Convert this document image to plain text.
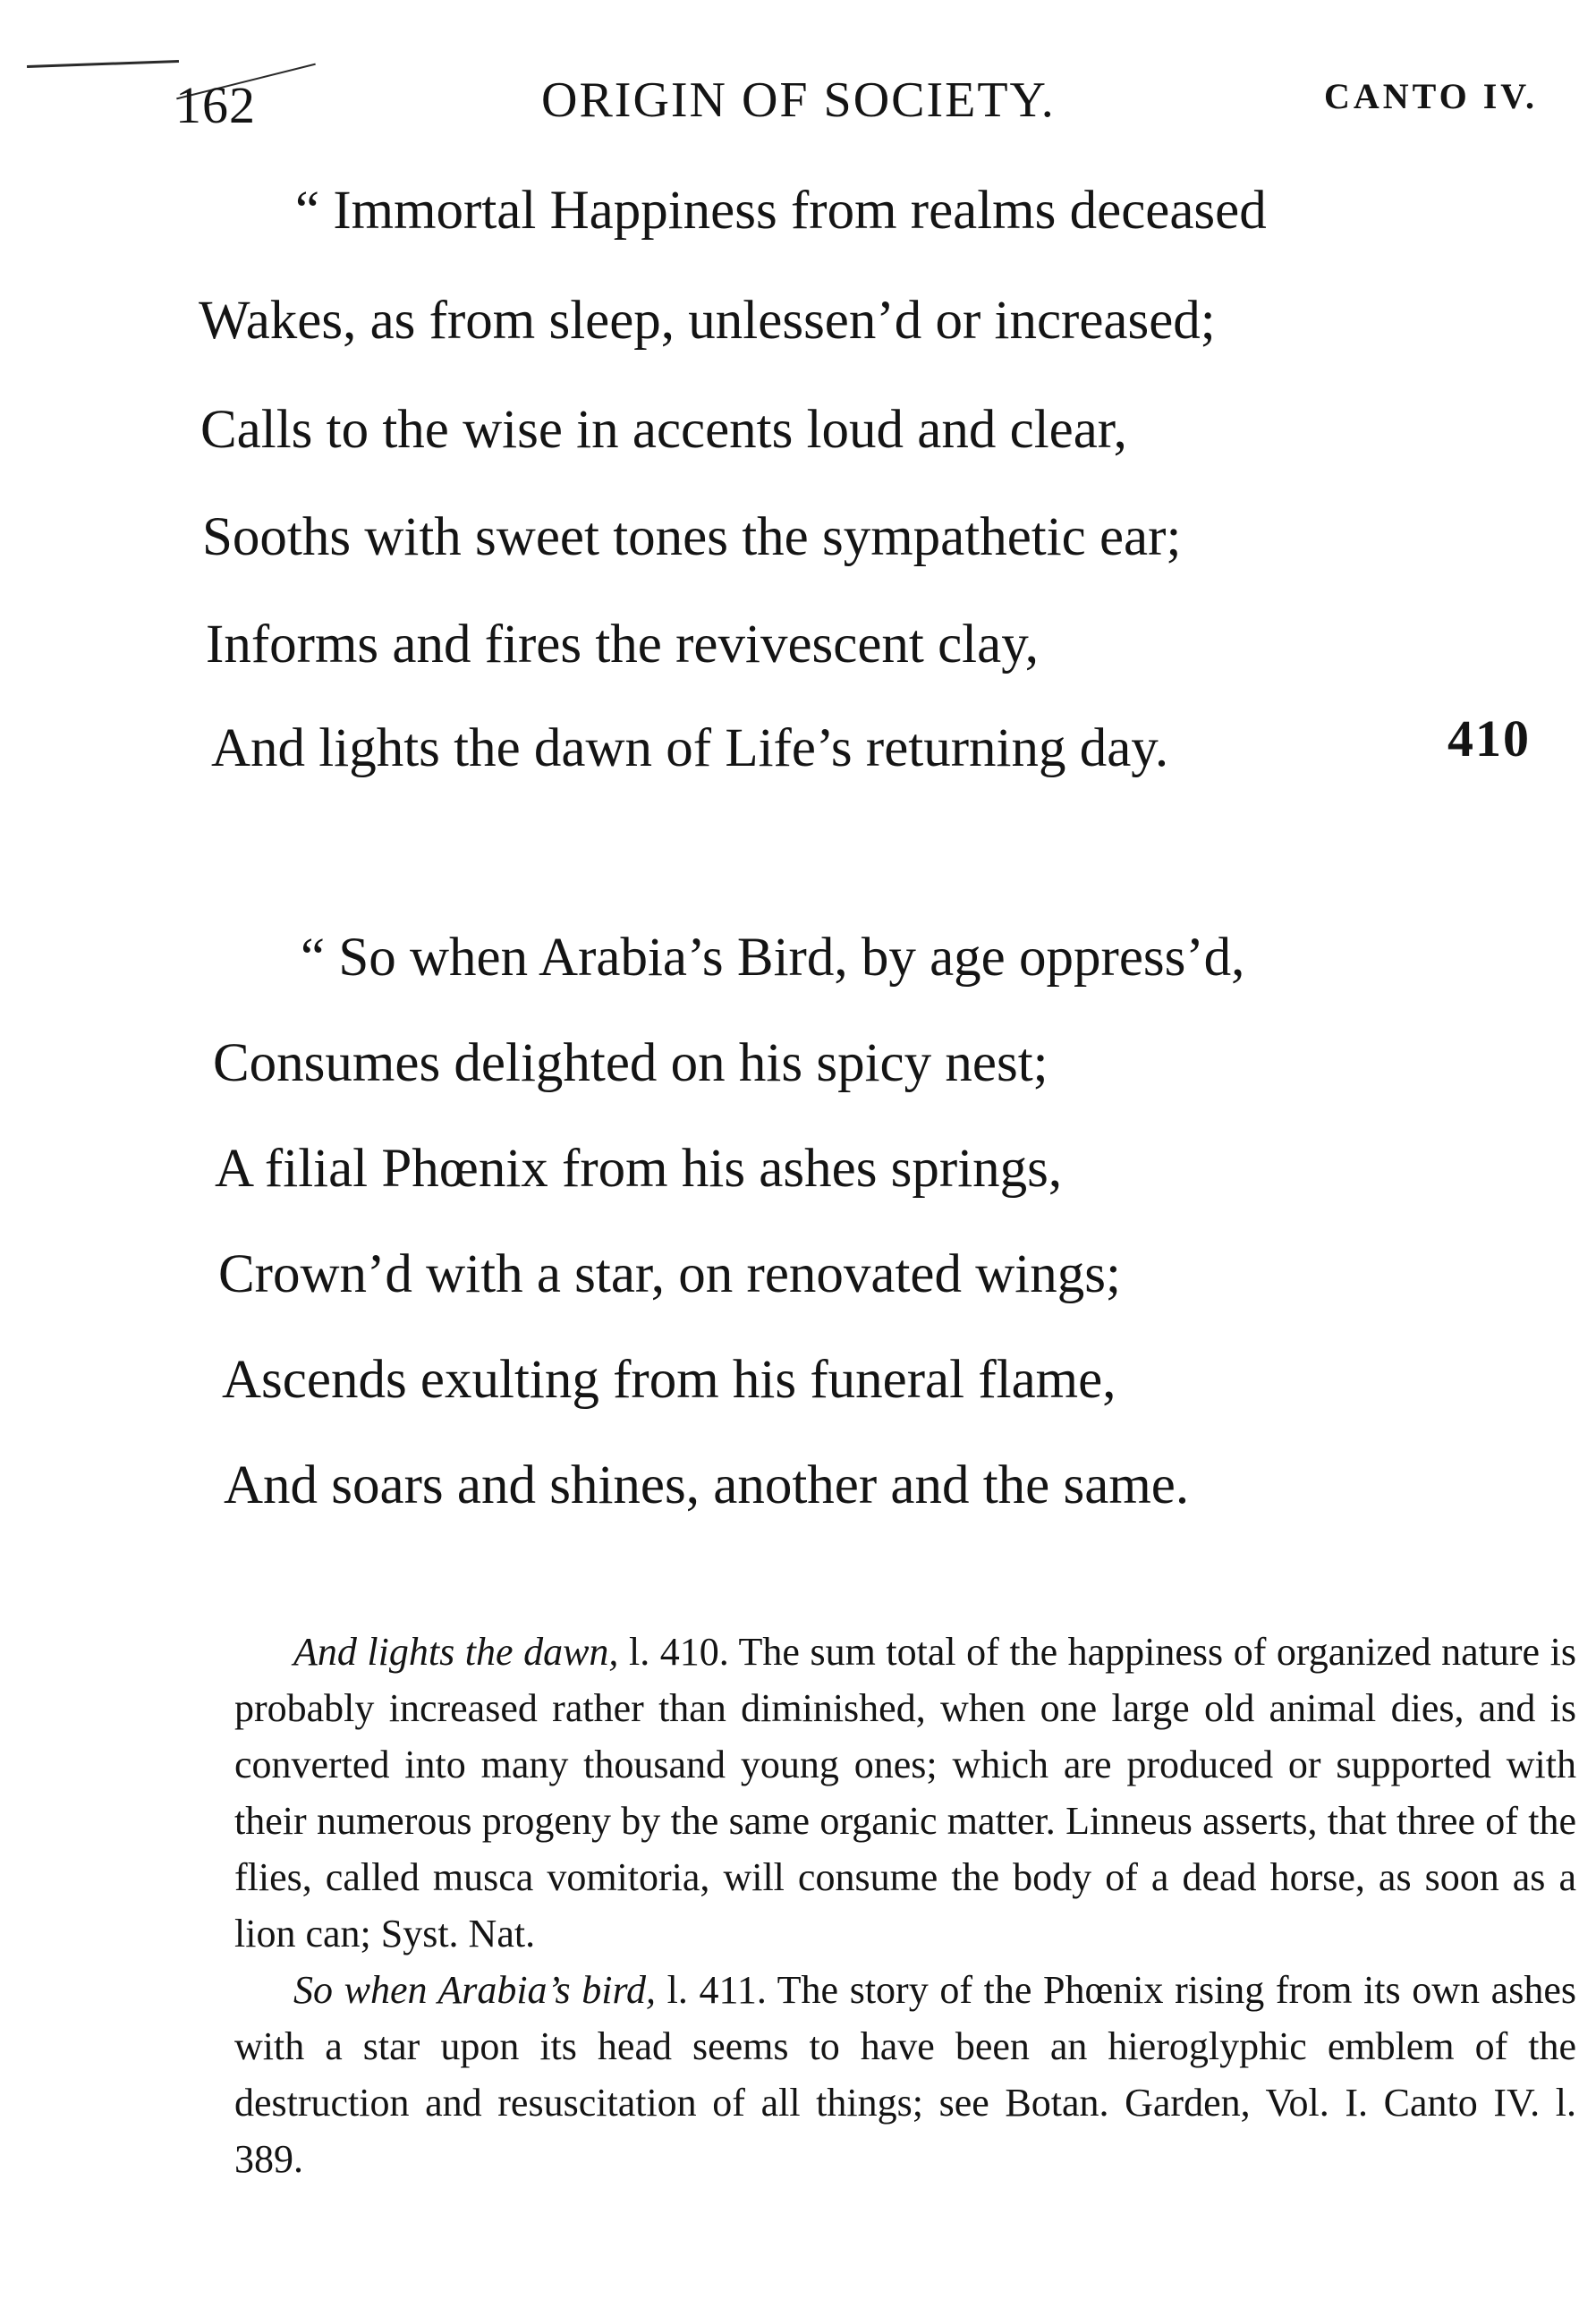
162	ORIGIN OF SOCIETY.	CANTO IV.
“ Immortal Happiness from realms deceased
Wakes, as from sleep, unlessen’d or increased;
Calls to the wise in accents loud and clear,
Sooths with sweet tones the sympathetic ear;
Informs and fires the revivescent clay,
And lights the dawn of Life’s returning day.	410
“ So when Arabia’s Bird, by age oppress’d,
Consumes delighted on his spicy nest;
A filial Phœnix from his ashes springs,
Crown’d with a star, on renovated wings;
Ascends exulting from his funeral flame,
And soars and shines, another and the same.

And lights the dawn, l. 410. The sum total of the happiness of organized nature is probably increased rather than diminished, when one large old animal dies, and is converted into many thousand young ones; which are produced or supported with their numerous progeny by the same organic matter. Linneus asserts, that three of the flies, called musca vomitoria, will consume the body of a dead horse, as soon as a lion can; Syst. Nat.

So when Arabia’s bird, l. 411. The story of the Phœnix rising from its own ashes with a star upon its head seems to have been an hieroglyphic emblem of the destruction and resuscitation of all things; see Botan. Garden, Vol. I. Canto IV. l. 389.
